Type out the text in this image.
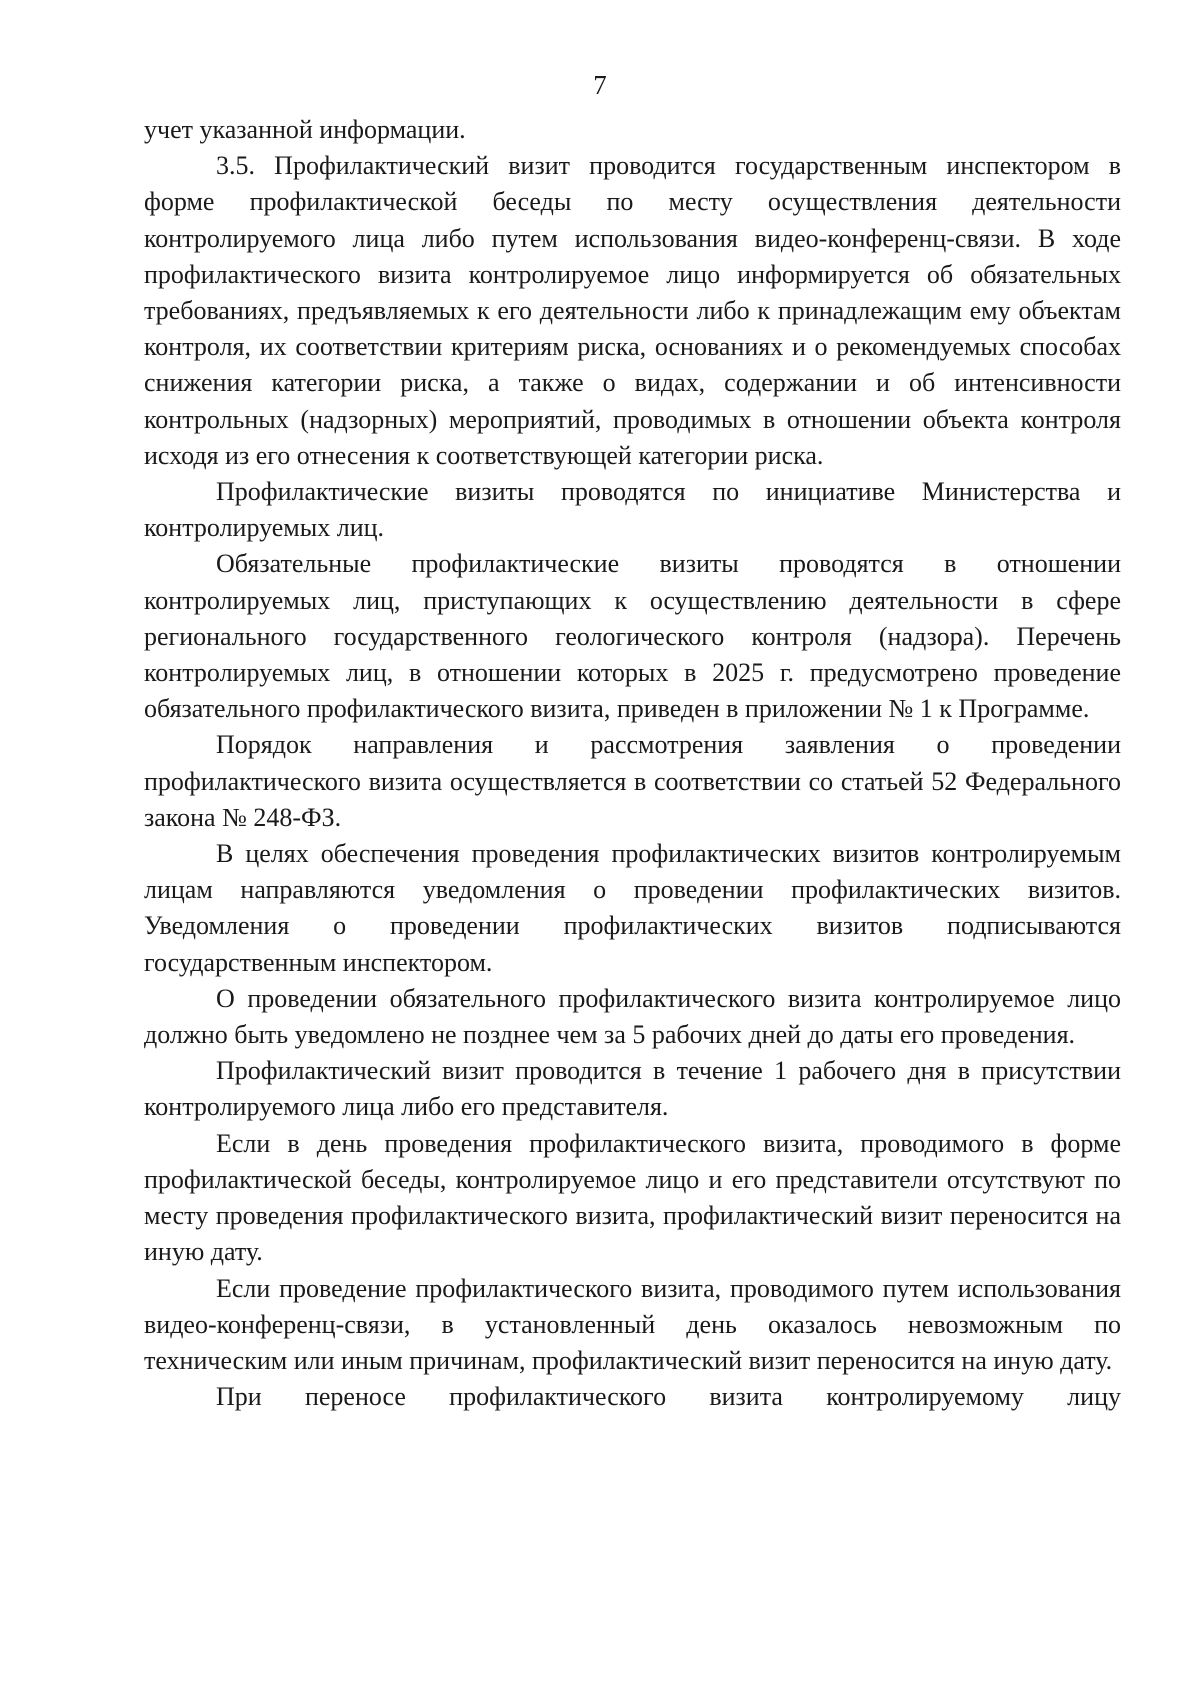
7

учет указанной информации.

3.5. Профилактический визит проводится государственным инспектором в форме профилактической беседы по месту осуществления деятельности контролируемого лица либо путем использования видео-конференц-связи. В ходе профилактического визита контролируемое лицо информируется об обязательных требованиях, предъявляемых к его деятельности либо к принадлежащим ему объектам контроля, их соответствии критериям риска, основаниях и о рекомендуемых способах снижения категории риска, а также о видах, содержании и об интенсивности контрольных (надзорных) мероприятий, проводимых в отношении объекта контроля исходя из его отнесения к соответствующей категории риска.

Профилактические визиты проводятся по инициативе Министерства и контролируемых лиц.

Обязательные профилактические визиты проводятся в отношении контролируемых лиц, приступающих к осуществлению деятельности в сфере регионального государственного геологического контроля (надзора). Перечень контролируемых лиц, в отношении которых в 2025 г. предусмотрено проведение обязательного профилактического визита, приведен в приложении № 1 к Программе.

Порядок направления и рассмотрения заявления о проведении профилактического визита осуществляется в соответствии со статьей 52 Федерального закона № 248-ФЗ.

В целях обеспечения проведения профилактических визитов контролируемым лицам направляются уведомления о проведении профилактических визитов. Уведомления о проведении профилактических визитов подписываются государственным инспектором.

О проведении обязательного профилактического визита контролируемое лицо должно быть уведомлено не позднее чем за 5 рабочих дней до даты его проведения.

Профилактический визит проводится в течение 1 рабочего дня в присутствии контролируемого лица либо его представителя.

Если в день проведения профилактического визита, проводимого в форме профилактической беседы, контролируемое лицо и его представители отсутствуют по месту проведения профилактического визита, профилактический визит переносится на иную дату.

Если проведение профилактического визита, проводимого путем использования видео-конференц-связи, в установленный день оказалось невозможным по техническим или иным причинам, профилактический визит переносится на иную дату.

При переносе профилактического визита контролируемому лицу
